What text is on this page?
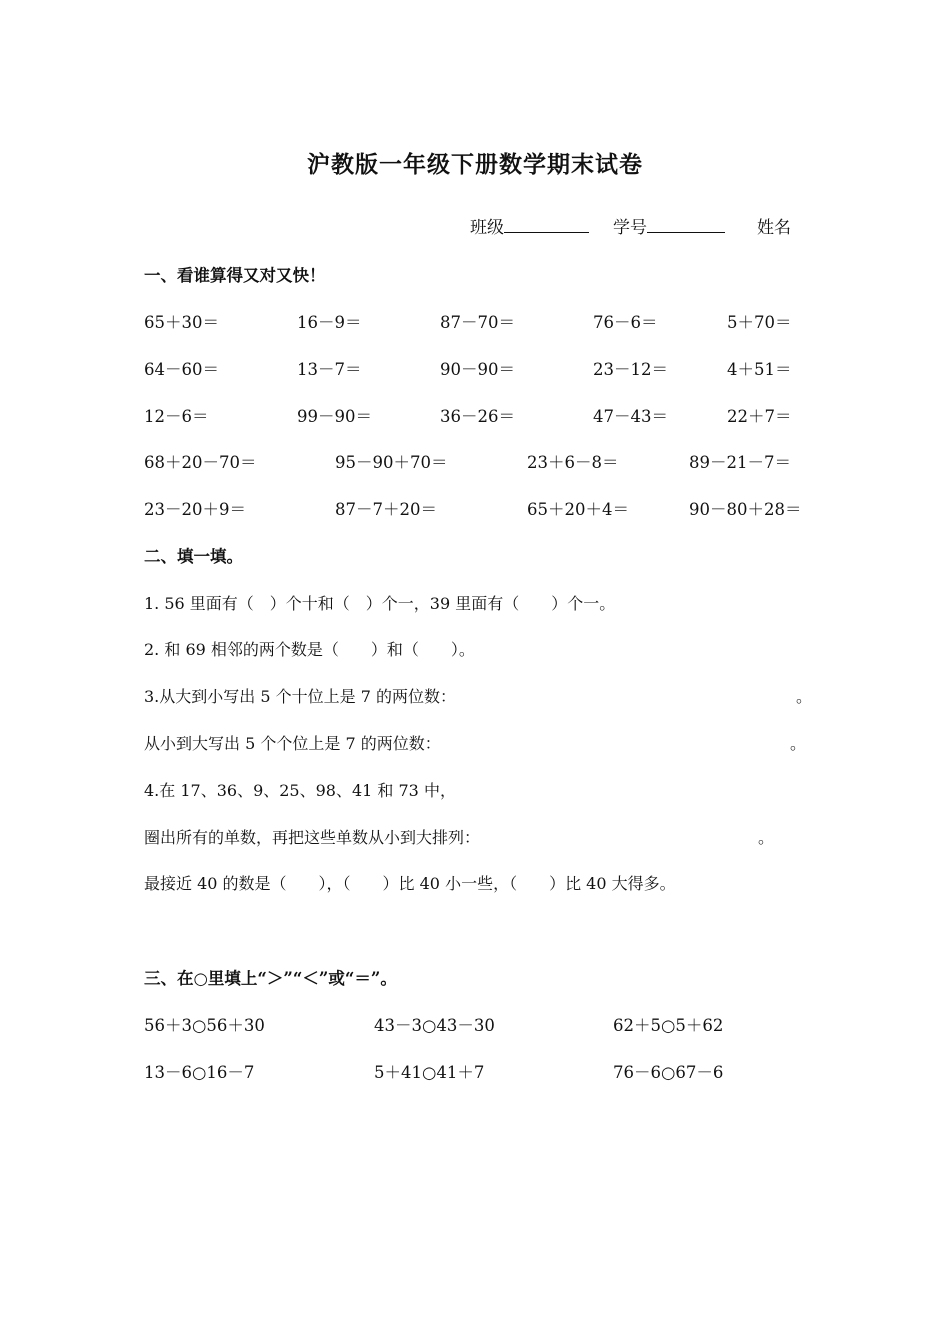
沪教版一年级下册数学期末试卷
班级	学号	姓名
一、看谁算得又对又快！
65＋30＝	16－9＝	87－70＝	76－6＝	5＋70＝
64－60＝	13－7＝	90－90＝	23－12＝	4＋51＝
12－6＝	99－90＝	36－26＝	47－43＝	22＋7＝
68＋20－70＝	95－90＋70＝	23＋6－8＝	89－21－7＝
23－20＋9＝	87－7＋20＝	65＋20＋4＝	90－80＋28＝
二、填一填。
1. 56 里面有（　）个十和（　）个一，39 里面有（　　）个一。
2. 和 69 相邻的两个数是（　　）和（　　）。
3.从大到小写出 5 个十位上是 7 的两位数：	。
从小到大写出 5 个个位上是 7 的两位数：	。
4.在 17、36、9、25、98、41 和 73 中，
圈出所有的单数，再把这些单数从小到大排列：	。
最接近 40 的数是（　　），（　　）比 40 小一些，（　　）比 40 大得多。
三、在○里填上“＞”“＜”或“＝”。
56＋3○56＋30	43－3○43－30	62＋5○5＋62
13－6○16－7	5＋41○41＋7	76－6○67－6
